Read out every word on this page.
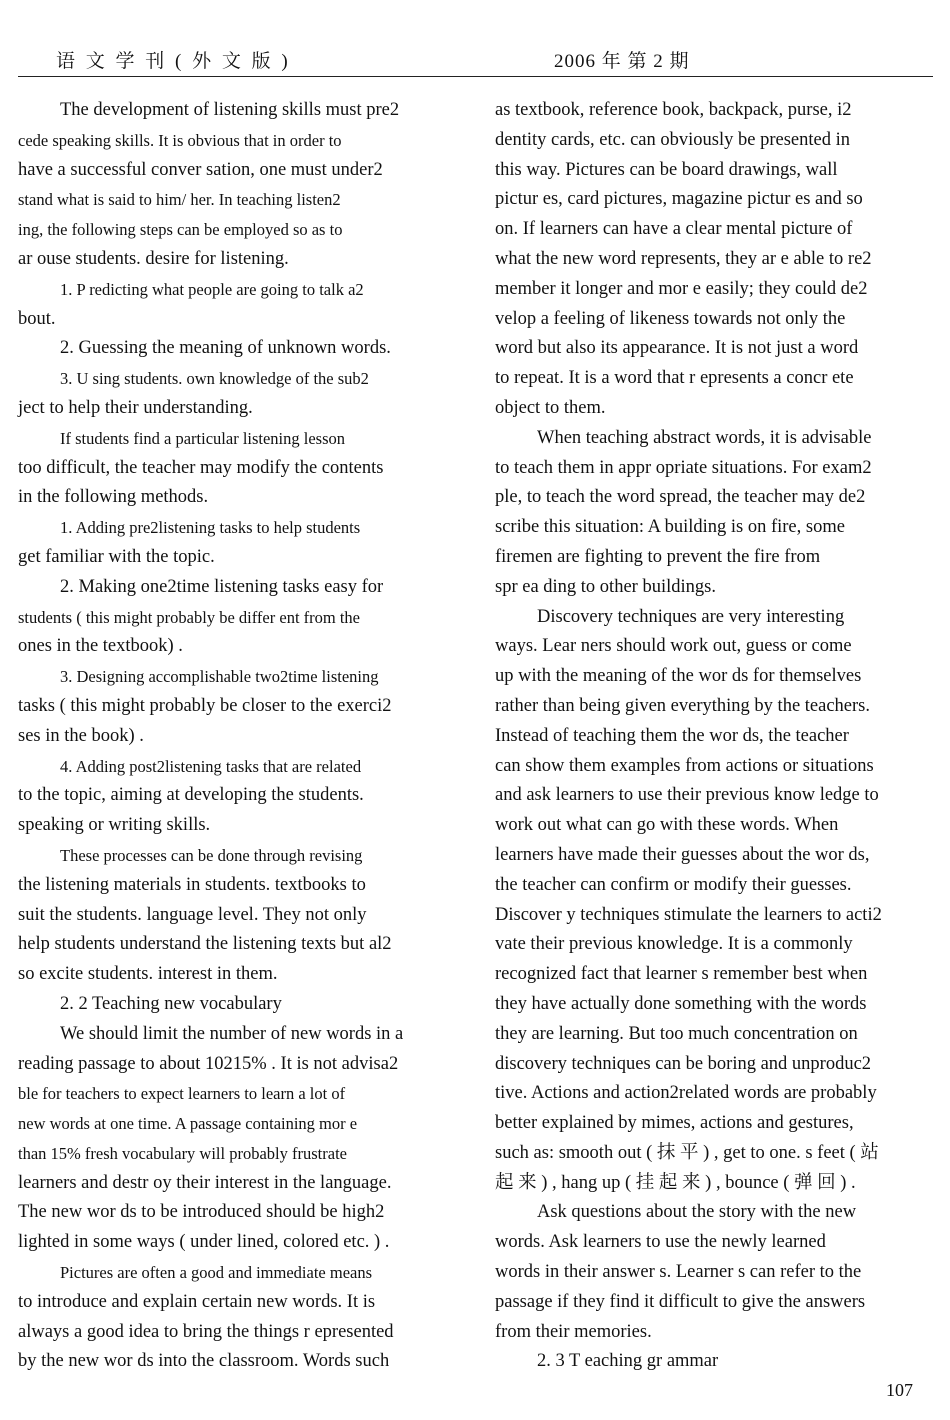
语 文 学 刊 ( 外 文 版 )	2006 年 第 2 期
The development of listening skills must pre2
cede speaking skills. It is obvious that in order to
have a successful conver sation, one must under2
stand what is said to him/ her. In teaching listen2
ing, the following steps can be employed so as to
ar ouse students. desire for listening.
1. P redicting what people are going to talk a2
bout.
2. Guessing the meaning of unknown words.
3. U sing students. own knowledge of the sub2
ject to help their understanding.
If students find a particular listening lesson
too difficult, the teacher may modify the contents
in the following methods.
1. Adding pre2listening tasks to help students
get familiar with the topic.
2. Making one2time listening tasks easy for
students ( this might probably be differ ent from the
ones in the textbook) .
3. Designing accomplishable two2time listening
tasks ( this might probably be closer to the exerci2
ses in the book) .
4. Adding post2listening tasks that are related
to the topic, aiming at developing the students.
speaking or writing skills.
These processes can be done through revising
the listening materials in students. textbooks to
suit the students. language level. They not only
help students understand the listening texts but al2
so excite students. interest in them.
2. 2 Teaching new vocabulary
We should limit the number of new words in a
reading passage to about 10215% . It is not advisa2
ble for teachers to expect learners to learn a lot of
new words at one time. A passage containing mor e
than 15% fresh vocabulary will probably frustrate
learners and destr oy their interest in the language.
The new wor ds to be introduced should be high2
lighted in some ways ( under lined, colored etc. ) .
Pictures are often a good and immediate means
to introduce and explain certain new words. It is
always a good idea to bring the things r epresented
by the new wor ds into the classroom. Words such
as textbook, reference book, backpack, purse, i2
dentity cards, etc. can obviously be presented in
this way. Pictures can be board drawings, wall
pictur es, card pictures, magazine pictur es and so
on. If learners can have a clear mental picture of
what the new word represents, they ar e able to re2
member it longer and mor e easily; they could de2
velop a feeling of likeness towards not only the
word but also its appearance. It is not just a word
to repeat. It is a word that r epresents a concr ete
object to them.
When teaching abstract words, it is advisable
to teach them in appr opriate situations. For exam2
ple, to teach the word spread, the teacher may de2
scribe this situation: A building is on fire, some
firemen are fighting to prevent the fire from
spr ea ding to other buildings.
Discovery techniques are very interesting
ways. Lear ners should work out, guess or come
up with the meaning of the wor ds for themselves
rather than being given everything by the teachers.
Instead of teaching them the wor ds, the teacher
can show them examples from actions or situations
and ask learners to use their previous know ledge to
work out what can go with these words. When
learners have made their guesses about the wor ds,
the teacher can confirm or modify their guesses.
Discover y techniques stimulate the learners to acti2
vate their previous knowledge. It is a commonly
recognized fact that learner s remember best when
they have actually done something with the words
they are learning. But too much concentration on
discovery techniques can be boring and unproduc2
tive. Actions and action2related words are probably
better explained by mimes, actions and gestures,
such as: smooth out ( 抹 平 ) , get to one. s feet ( 站
起 来 ) , hang up ( 挂 起 来 ) , bounce ( 弹 回 ) .
Ask questions about the story with the new
words. Ask learners to use the newly learned
words in their answer s. Learner s can refer to the
passage if they find it difficult to give the answers
from their memories.
2. 3 T eaching gr ammar
107
